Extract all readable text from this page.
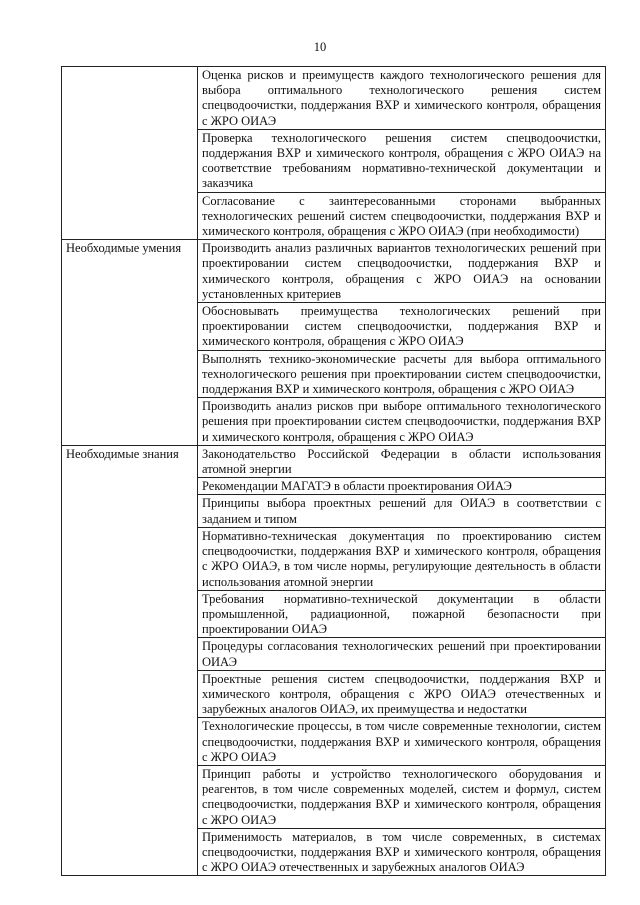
10
	Оценка рисков и преимуществ каждого технологического решения для выбора оптимального технологического решения систем спецводоочистки, поддержания ВХР и химического контроля, обращения с ЖРО ОИАЭ
	Проверка технологического решения систем спецводоочистки, поддержания ВХР и химического контроля, обращения с ЖРО ОИАЭ на соответствие требованиям нормативно-технической документации и заказчика
	Согласование с заинтересованными сторонами выбранных технологических решений систем спецводоочистки, поддержания ВХР и химического контроля, обращения с ЖРО ОИАЭ (при необходимости)
Необходимые умения	Производить анализ различных вариантов технологических решений при проектировании систем спецводоочистки, поддержания ВХР и химического контроля, обращения с ЖРО ОИАЭ на основании установленных критериев
	Обосновывать преимущества технологических решений при проектировании систем спецводоочистки, поддержания ВХР и химического контроля, обращения с ЖРО ОИАЭ
	Выполнять технико-экономические расчеты для выбора оптимального технологического решения при проектировании систем спецводоочистки, поддержания ВХР и химического контроля, обращения с ЖРО ОИАЭ
	Производить анализ рисков при выборе оптимального технологического решения при проектировании систем спецводоочистки, поддержания ВХР и химического контроля, обращения с ЖРО ОИАЭ
Необходимые знания	Законодательство Российской Федерации в области использования атомной энергии
	Рекомендации МАГАТЭ в области проектирования ОИАЭ
	Принципы выбора проектных решений для ОИАЭ в соответствии с заданием и типом
	Нормативно-техническая документация по проектированию систем спецводоочистки, поддержания ВХР и химического контроля, обращения с ЖРО ОИАЭ, в том числе нормы, регулирующие деятельность в области использования атомной энергии
	Требования нормативно-технической документации в области промышленной, радиационной, пожарной безопасности при проектировании ОИАЭ
	Процедуры согласования технологических решений при проектировании ОИАЭ
	Проектные решения систем спецводоочистки, поддержания ВХР и химического контроля, обращения с ЖРО ОИАЭ отечественных и зарубежных аналогов ОИАЭ, их преимущества и недостатки
	Технологические процессы, в том числе современные технологии, систем спецводоочистки, поддержания ВХР и химического контроля, обращения с ЖРО ОИАЭ
	Принцип работы и устройство технологического оборудования и реагентов, в том числе современных моделей, систем и формул, систем спецводоочистки, поддержания ВХР и химического контроля, обращения с ЖРО ОИАЭ
	Применимость материалов, в том числе современных, в системах спецводоочистки, поддержания ВХР и химического контроля, обращения с ЖРО ОИАЭ отечественных и зарубежных аналогов ОИАЭ
